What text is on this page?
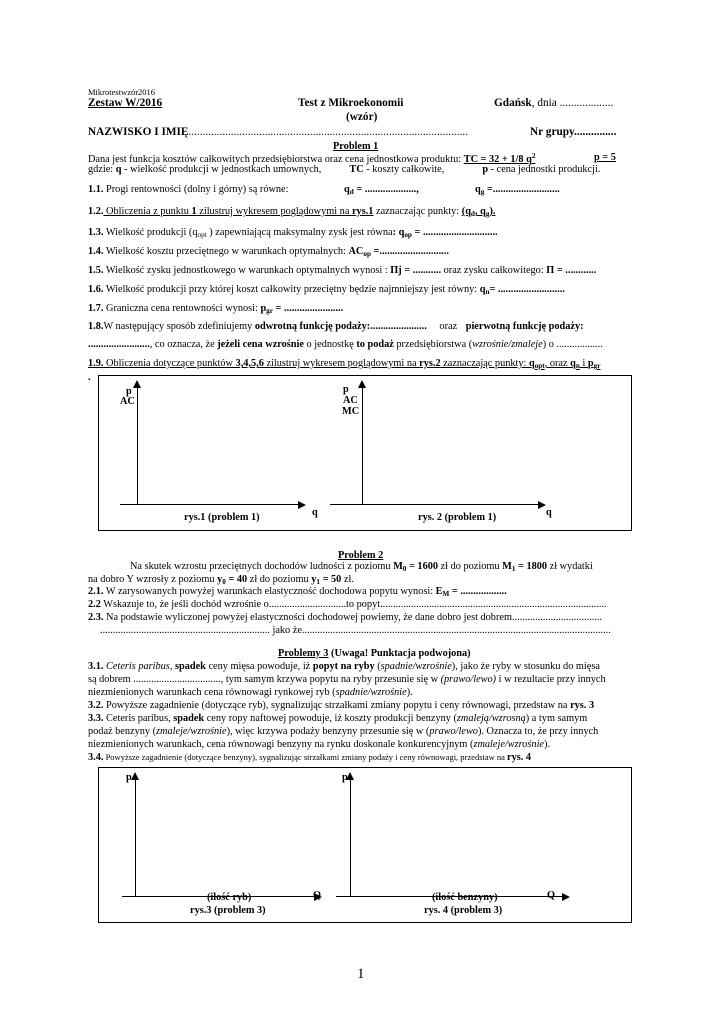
Mikrotestwzór2016
Zestaw W/2016	Test z Mikroekonomii	Gdańsk, dnia ...................
(wzór)
NAZWISKO I IMIĘ...................................................................................................	Nr grupy...............
Problem 1
Dana jest funkcja kosztów całkowitych przedsiębiorstwa oraz cena jednostkowa produktu: TC = 32 + 1/8 $q^2$	p = 5
gdzie: q - wielkość produkcji w jednostkach umownych,	TC - koszty całkowite,	p - cena jednostki produkcji.
1.1. Progi rentowności (dolny i górny) są równe:	$q_d$ = ....................,	$q_g$ =..........................
1.2. Obliczenia z punktu 1 zilustruj wykresem poglądowymi na rys.1 zaznaczając punkty: ($q_d$, $q_g$).
1.3. Wielkość produkcji ($q_{opt}$ ) zapewniającą maksymalny zysk jest równa: $q_{op}$ = .............................
1.4. Wielkość kosztu przeciętnego w warunkach optymalnych: $AC_{op}$ =...........................
1.5. Wielkość zysku jednostkowego w warunkach optymalnych wynosi : Πj = ........... oraz zysku całkowitego: Π = ............
1.6. Wielkość produkcji przy której koszt całkowity przeciętny będzie najmniejszy jest równy: $q_n=$ ..........................
1.7. Graniczna cena rentowności wynosi: $p_{gr}$ = .......................
1.8.W następujący sposób zdefiniujemy odwrotną funkcję podaży:...................... oraz pierwotną funkcję podaży:
........................, co oznacza, że jeżeli cena wzrośnie o jednostkę to podaż przedsiębiorstwa (wzrośnie/zmaleje) o ..................
1.9. Obliczenia dotyczące punktów 3,4,5,6 zilustruj wykresem poglądowymi na rys.2 zaznaczając punkty: $q_{opt}$, oraz $q_n$ i $p_{gr}$
.
p
AC
q
rys.1 (problem 1)
p
AC
MC
q
rys. 2 (problem 1)
Problem 2
Na skutek wzrostu przeciętnych dochodów ludności z poziomu $M_0 = 1600$ zł do poziomu $M_1 = 1800$ zł wydatki
na dobro Y wzrosły z poziomu $y_0 = 40$ zł do poziomu $y_1 = 50$ zł.
2.1. W zarysowanych powyżej warunkach elastyczność dochodowa popytu wynosi: $E_M$ = ..................
2.2 Wskazuje to, że jeśli dochód wzrośnie o..............................to popyt........................................................................................
2.3. Na podstawie wyliczonej powyżej elastyczności dochodowej powiemy, że dane dobro jest dobrem...................................
.................................................................. jako że........................................................................................................................
Problemy 3 (Uwaga! Punktacja podwojona)
3.1. Ceteris paribus, spadek ceny mięsa powoduje, iż popyt na ryby (spadnie/wzrośnie), jako że ryby w stosunku do mięsa
są dobrem .................................., tym samym krzywa popytu na ryby przesunie się w (prawo/lewo) i w rezultacie przy innych
niezmienionych warunkach cena równowagi rynkowej ryb (spadnie/wzrośnie).
3.2. Powyższe zagadnienie (dotyczące ryb), sygnalizując strzałkami zmiany popytu i ceny równowagi, przedstaw na rys. 3
3.3. Ceteris paribus, spadek ceny ropy naftowej powoduje, iż koszty produkcji benzyny (zmaleją/wzrosną) a tym samym
podaż benzyny (zmaleje/wzrośnie), więc krzywa podaży benzyny przesunie się w (prawo/lewo). Oznacza to, że przy innych
niezmienionych warunkach, cena równowagi benzyny na rynku doskonale konkurencyjnym (zmaleje/wzrośnie).
3.4. Powyższe zagadnienie (dotyczące benzyny), sygnalizując strzałkami zmiany podaży i ceny równowagi, przedstaw na rys. 4
p
Q
(ilość ryb)
rys.3 (problem 3)
p
Q
(ilość benzyny)
rys. 4 (problem 3)
1
